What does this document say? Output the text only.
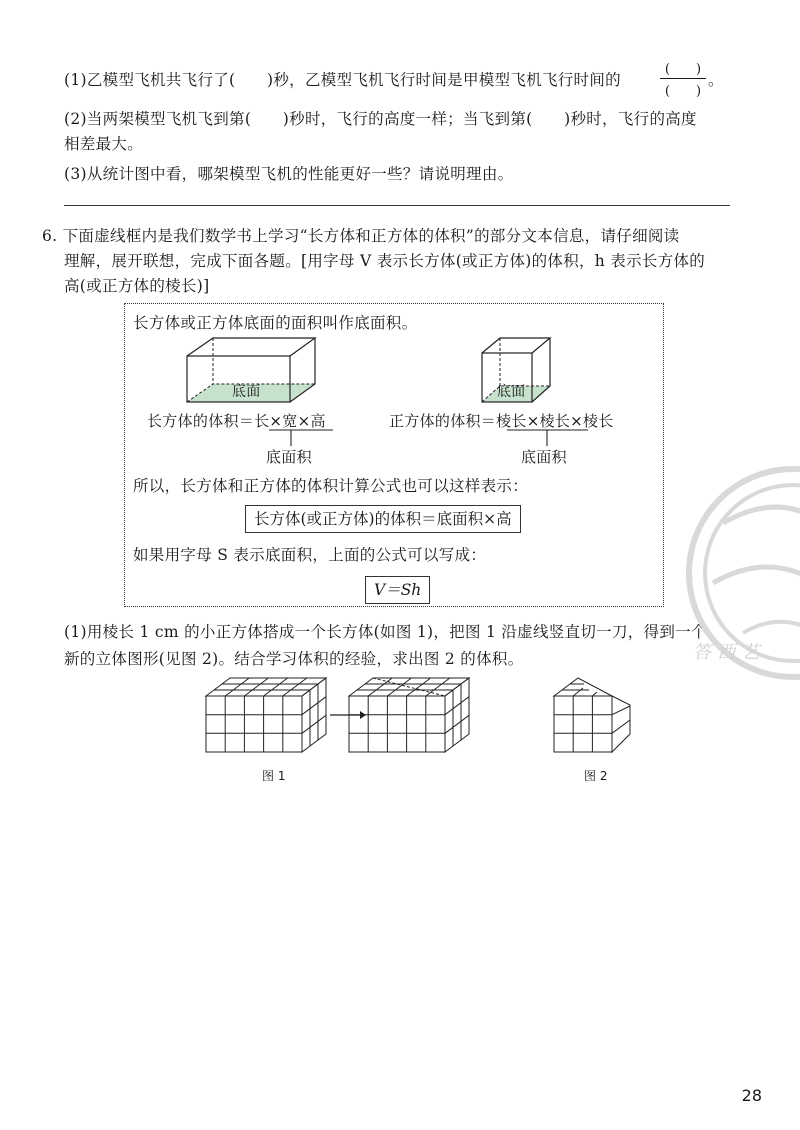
(1)乙模型飞机共飞行了(　　)秒，乙模型飞机飞行时间是甲模型飞机飞行时间的
(　　)
(　　)
。
(2)当两架模型飞机飞到第(　　)秒时，飞行的高度一样；当飞到第(　　)秒时，飞行的高度
相差最大。
(3)从统计图中看，哪架模型飞机的性能更好一些？请说明理由。
6. 下面虚线框内是我们数学书上学习“长方体和正方体的体积”的部分文本信息，请仔细阅读
理解，展开联想，完成下面各题。[用字母 V 表示长方体(或正方体)的体积，h 表示长方体的
高(或正方体的棱长)]
长方体或正方体底面的面积叫作底面积。
底面	底面
长方体的体积＝长×宽×高	正方体的体积＝棱长×棱长×棱长
底面积	底面积
所以，长方体和正方体的体积计算公式也可以这样表示：
长方体(或正方体)的体积＝底面积×高
如果用字母 S 表示底面积，上面的公式可以写成：
V＝Sh
(1)用棱长 1 cm 的小正方体搭成一个长方体(如图 1)，把图 1 沿虚线竖直切一刀，得到一个
新的立体图形(见图 2)。结合学习体积的经验，求出图 2 的体积。
图 1	图 2
答 西 艺
28
